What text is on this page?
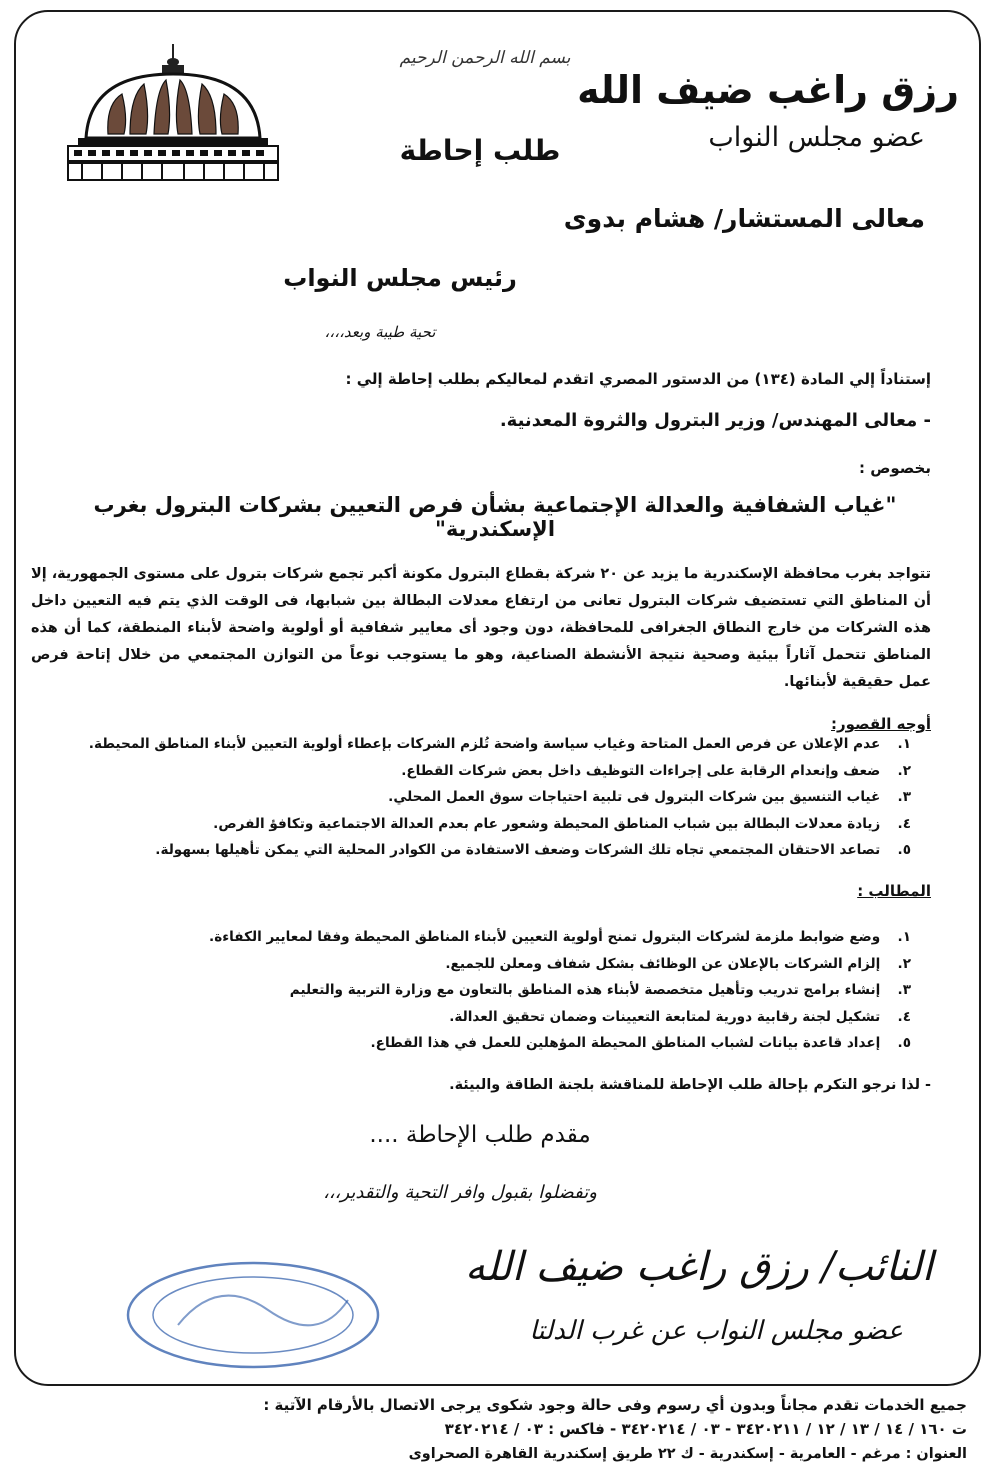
بسم الله الرحمن الرحيم
رزق راغب ضيف الله
عضو مجلس النواب
طلب إحاطة
معالى المستشار/ هشام بدوى
رئيس مجلس النواب
تحية طيبة وبعد،،،،
إستناداً إلي المادة (١٣٤) من الدستور المصري اتقدم لمعاليكم بطلب إحاطة إلي :
- معالى المهندس/ وزير البترول والثروة المعدنية.
بخصوص :
"غياب الشفافية والعدالة الإجتماعية بشأن فرص التعيين بشركات البترول بغرب الإسكندرية"
تتواجد بغرب محافظة الإسكندرية ما يزيد عن ٢٠ شركة بقطاع البترول مكونة أكبر تجمع شركات بترول على مستوى الجمهورية، إلا أن المناطق التي تستضيف شركات البترول تعانى من ارتفاع معدلات البطالة بين شبابها، فى الوقت الذي يتم فيه التعيين داخل هذه الشركات من خارج النطاق الجغرافى للمحافظة، دون وجود أى معايير شفافية أو أولوية واضحة لأبناء المنطقة، كما أن هذه المناطق تتحمل آثاراً بيئية وصحية نتيجة الأنشطة الصناعية، وهو ما يستوجب نوعاً من التوازن المجتمعي من خلال إتاحة فرص عمل حقيقية لأبنائها.
أوجه القصور:
١. عدم الإعلان عن فرص العمل المتاحة وغياب سياسة واضحة تُلزم الشركات بإعطاء أولوية التعيين لأبناء المناطق المحيطة.
٢. ضعف وإنعدام الرقابة على إجراءات التوظيف داخل بعض شركات القطاع.
٣. غياب التنسيق بين شركات البترول فى تلبية احتياجات سوق العمل المحلي.
٤. زيادة معدلات البطالة بين شباب المناطق المحيطة وشعور عام بعدم العدالة الاجتماعية وتكافؤ الفرص.
٥. تصاعد الاحتقان المجتمعي تجاه تلك الشركات وضعف الاستفادة من الكوادر المحلية التي يمكن تأهيلها بسهولة.
المطالب :
١. وضع ضوابط ملزمة لشركات البترول تمنح أولوية التعيين لأبناء المناطق المحيطة وفقا لمعايير الكفاءة.
٢. إلزام الشركات بالإعلان عن الوظائف بشكل شفاف ومعلن للجميع.
٣. إنشاء برامج تدريب وتأهيل متخصصة لأبناء هذه المناطق بالتعاون مع وزارة التربية والتعليم
٤. تشكيل لجنة رقابية دورية لمتابعة التعيينات وضمان تحقيق العدالة.
٥. إعداد قاعدة بيانات لشباب المناطق المحيطة المؤهلين للعمل في هذا القطاع.
- لذا نرجو التكرم بإحالة طلب الإحاطة للمناقشة بلجنة الطاقة والبيئة.
مقدم طلب الإحاطة ....
وتفضلوا بقبول وافر التحية والتقدير،،،
النائب/ رزق راغب ضيف الله
عضو مجلس النواب عن غرب الدلتا
جميع الخدمات تقدم مجاناً وبدون أي رسوم وفى حالة وجود شكوى يرجى الاتصال بالأرقام الآتية :
ت ١٦٠ / ١٤ / ١٣ / ١٢ / ٣٤٢٠٢١١ - ٠٣ / ٣٤٢٠٢١٤ - فاكس : ٠٣ / ٣٤٢٠٢١٤
العنوان : مرغم - العامرية - إسكندرية - ك ٢٢ طريق إسكندرية القاهرة الصحراوى
